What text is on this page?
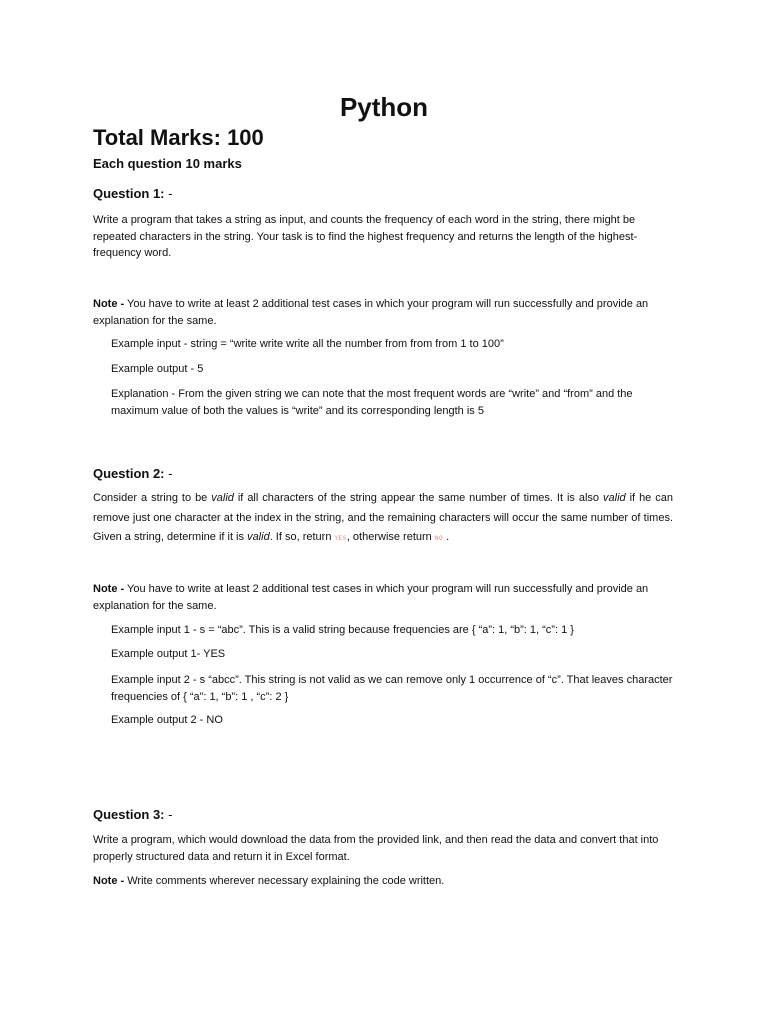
Python
Total Marks: 100

Each question 10 marks

Question 1: -

Write a program that takes a string as input, and counts the frequency of each word in the string, there might be repeated characters in the string. Your task is to find the highest frequency and returns the length of the highest-frequency word.

Note - You have to write at least 2 additional test cases in which your program will run successfully and provide an explanation for the same.

Example input - string = “write write write all the number from from from 1 to 100”

Example output - 5

Explanation - From the given string we can note that the most frequent words are “write” and “from” and the maximum value of both the values is “write” and its corresponding length is 5

Question 2: -

Consider a string to be valid if all characters of the string appear the same number of times. It is also valid if he can remove just one character at the index in the string, and the remaining characters will occur the same number of times. Given a string, determine if it is valid. If so, return YES, otherwise return NO .

Note - You have to write at least 2 additional test cases in which your program will run successfully and provide an explanation for the same.

Example input 1 - s = “abc”. This is a valid string because frequencies are { “a”: 1, “b”: 1, “c”: 1 }

Example output 1- YES

Example input 2 - s “abcc”. This string is not valid as we can remove only 1 occurrence of “c”. That leaves character frequencies of { “a”: 1, “b”: 1 , “c”: 2 }

Example output 2 - NO

Question 3: -

Write a program, which would download the data from the provided link, and then read the data and convert that into properly structured data and return it in Excel format.

Note - Write comments wherever necessary explaining the code written.
